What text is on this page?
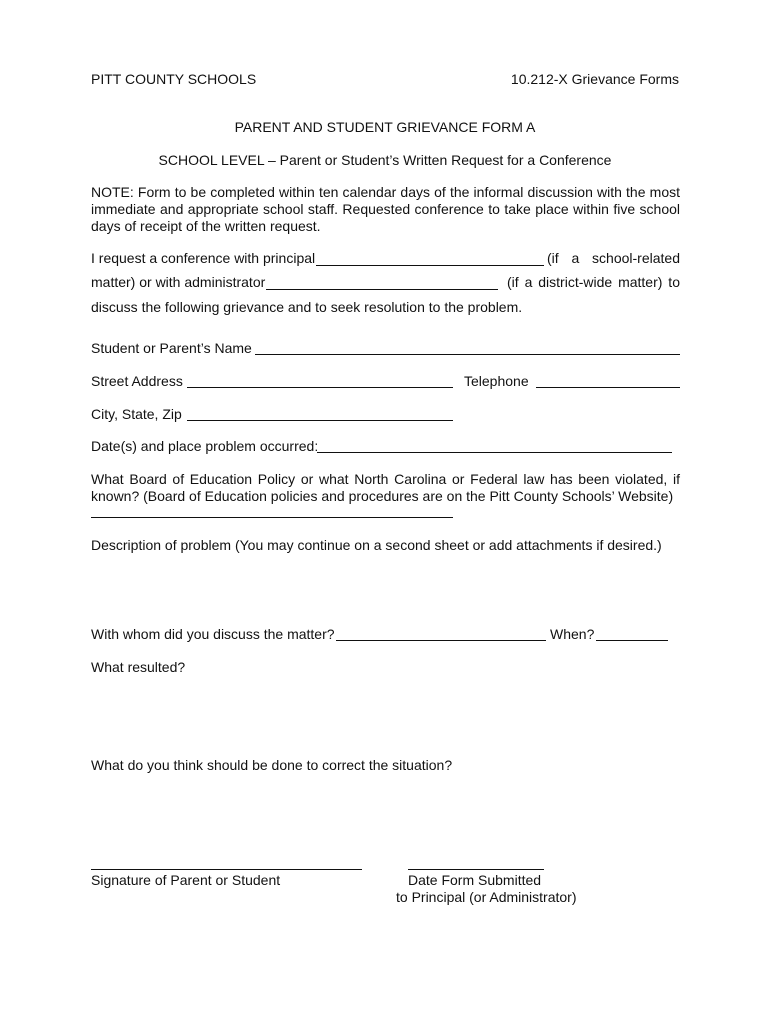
PITT COUNTY SCHOOLS	10.212-X Grievance Forms
PARENT AND STUDENT GRIEVANCE FORM A
SCHOOL LEVEL – Parent or Student’s Written Request for a Conference
NOTE: Form to be completed within ten calendar days of the informal discussion with the most immediate and appropriate school staff. Requested conference to take place within five school days of receipt of the written request.
I request a conference with principal	(if a school-related
matter) or with administrator	(if a district-wide matter) to
discuss the following grievance and to seek resolution to the problem.
Student or Parent’s Name
Street Address	Telephone
City, State, Zip
Date(s) and place problem occurred:
What Board of Education Policy or what North Carolina or Federal law has been violated, if known? (Board of Education policies and procedures are on the Pitt County Schools’ Website)
Description of problem (You may continue on a second sheet or add attachments if desired.)
With whom did you discuss the matter?	When?
What resulted?
What do you think should be done to correct the situation?
Signature of Parent or Student	Date Form Submitted
to Principal (or Administrator)
